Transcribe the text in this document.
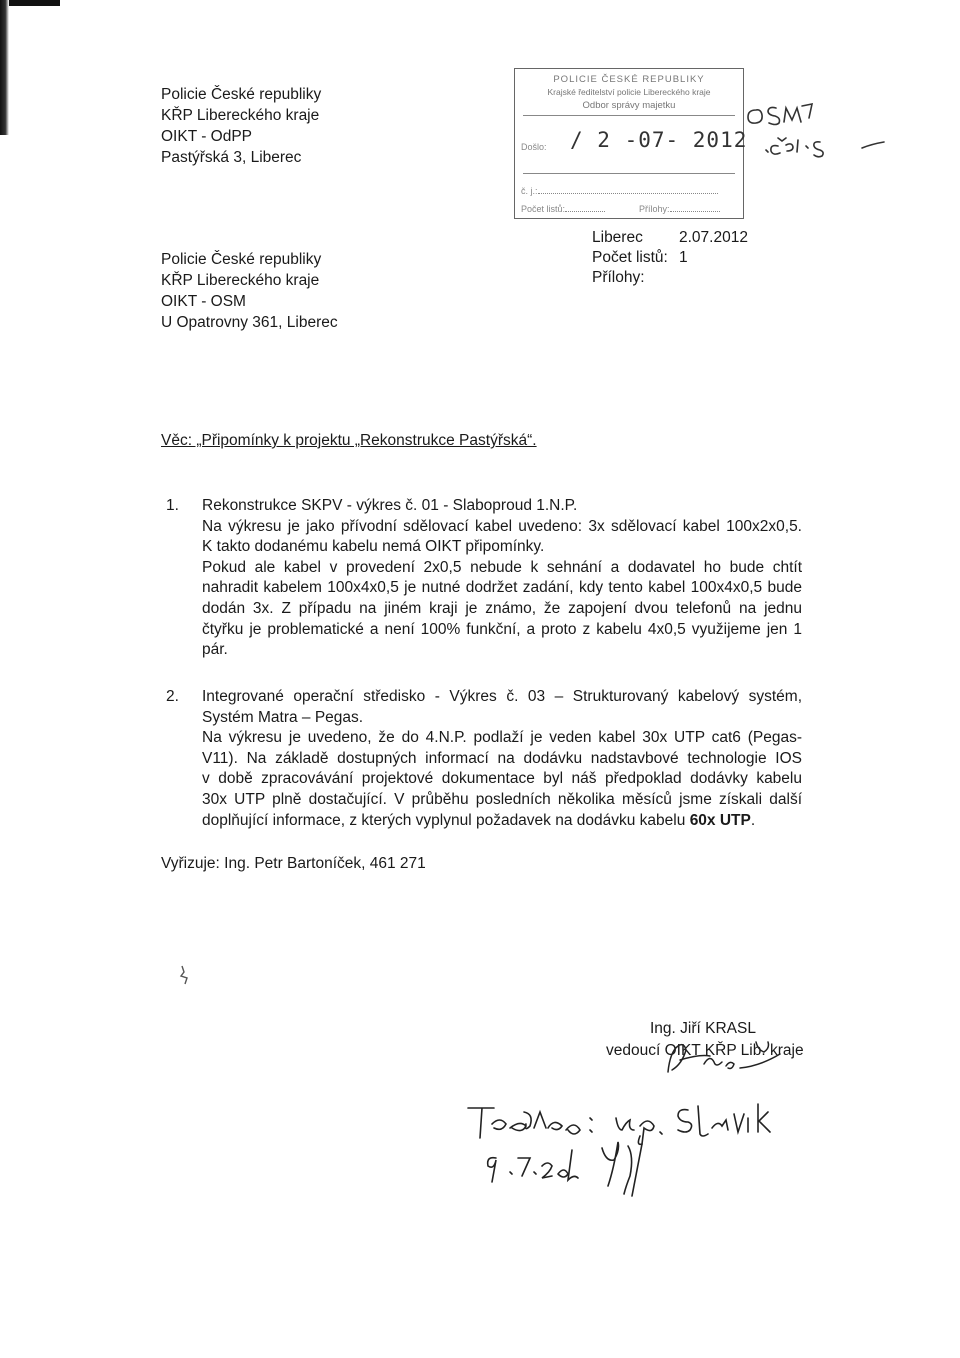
Policie České republiky
KŘP Libereckého kraje
OIKT - OdPP
Pastýřská 3, Liberec
POLICIE ČESKÉ REPUBLIKY
Krajské ředitelství policie Libereckého kraje
Odbor správy majetku
Došlo: / 2 -07- 2012
č. j.:
Počet listů:	Přílohy:
Policie České republiky
KŘP Libereckého kraje
OIKT - OSM
U Opatrovny 361, Liberec
Liberec 2.07.2012
Počet listů: 1
Přílohy:
Věc: „Připomínky k projektu „Rekonstrukce Pastýřská“.
1. Rekonstrukce SKPV - výkres č. 01 - Slaboproud 1.N.P.
Na výkresu je jako přívodní sdělovací kabel uvedeno: 3x sdělovací kabel 100x2x0,5.
K takto dodanému kabelu nemá OIKT připomínky.
Pokud ale kabel v provedení 2x0,5 nebude k sehnání a dodavatel ho bude chtít
nahradit kabelem 100x4x0,5 je nutné dodržet zadání, kdy tento kabel 100x4x0,5 bude
dodán 3x. Z případu na jiném kraji je známo, že zapojení dvou telefonů na jednu
čtyřku je problematické a není 100% funkční, a proto z kabelu 4x0,5 využijeme jen 1
pár.
2. Integrované operační středisko - Výkres č. 03 – Strukturovaný kabelový systém,
Systém Matra – Pegas.
Na výkresu je uvedeno, že do 4.N.P. podlaží je veden kabel 30x UTP cat6 (Pegas-
V11). Na základě dostupných informací na dodávku nadstavbové technologie IOS
v době zpracovávání projektové dokumentace byl náš předpoklad dodávky kabelu
30x UTP plně dostačující. V průběhu posledních několika měsíců jsme získali další
doplňující informace, z kterých vyplynul požadavek na dodávku kabelu 60x UTP.
Vyřizuje: Ing. Petr Bartoníček, 461 271
Ing. Jiří KRASL
vedoucí OIKT KŘP Lib. kraje
